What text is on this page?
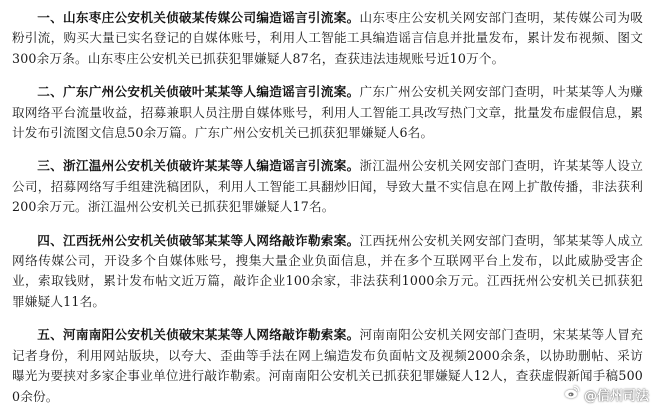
一、山东枣庄公安机关侦破某传媒公司编造谣言引流案。山东枣庄公安机关网安部门查明，某传媒公司为吸粉引流，购买大量已实名登记的自媒体账号，利用人工智能工具编造谣言信息并批量发布，累计发布视频、图文300余万条。山东枣庄公安机关已抓获犯罪嫌疑人87名，查获违法违规账号近10万个。

二、广东广州公安机关侦破叶某某等人编造谣言引流案。广东广州公安机关网安部门查明，叶某某等人为赚取网络平台流量收益，招募兼职人员注册自媒体账号，利用人工智能工具改写热门文章，批量发布虚假信息，累计发布引流图文信息50余万篇。广东广州公安机关已抓获犯罪嫌疑人6名。

三、浙江温州公安机关侦破许某某等人编造谣言引流案。浙江温州公安机关网安部门查明，许某某等人设立公司，招募网络写手组建洗稿团队，利用人工智能工具翻炒旧闻，导致大量不实信息在网上扩散传播，非法获利200余万元。浙江温州公安机关已抓获犯罪嫌疑人17名。

四、江西抚州公安机关侦破邹某某等人网络敲诈勒索案。江西抚州公安机关网安部门查明，邹某某等人成立网络传媒公司，开设多个自媒体账号，搜集大量企业负面信息，并在多个互联网平台上发布，以此威胁受害企业，索取钱财，累计发布帖文近万篇，敲诈企业100余家，非法获利1000余万元。江西抚州公安机关已抓获犯罪嫌疑人11名。

五、河南南阳公安机关侦破宋某某等人网络敲诈勒索案。河南南阳公安机关网安部门查明，宋某某等人冒充记者身份，利用网站版块，以夸大、歪曲等手法在网上编造发布负面帖文及视频2000余条，以协助删帖、采访曝光为要挟对多家企事业单位进行敲诈勒索。河南南阳公安机关已抓获犯罪嫌疑人12人，查获虚假新闻手稿5000余份。	@信州司法
